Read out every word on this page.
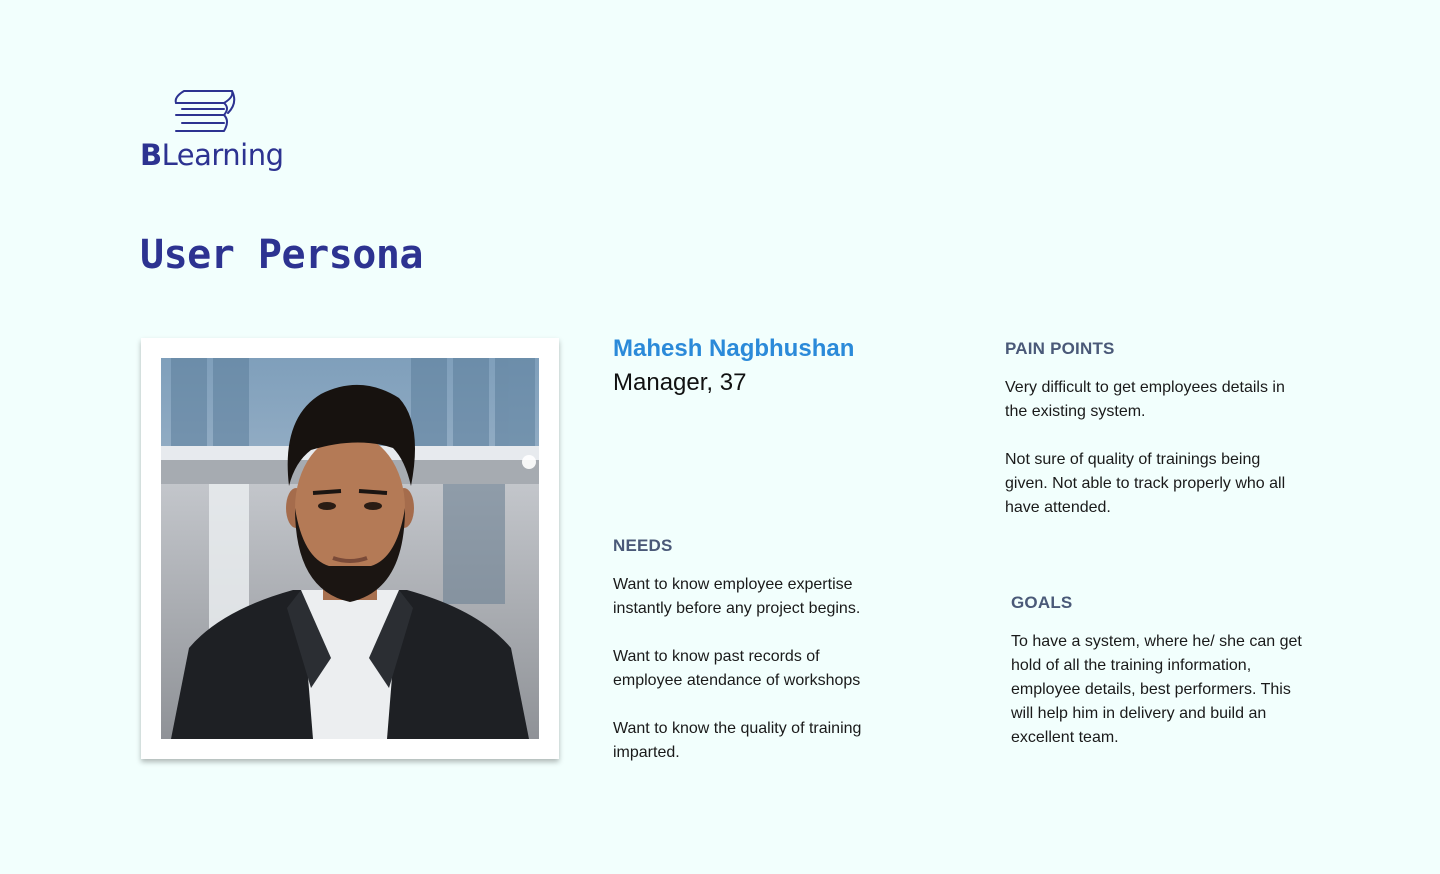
BLearning
User Persona
Mahesh Nagbhushan
Manager, 37
NEEDS

Want to know employee expertise instantly before any project begins.

Want to know past records of employee atendance of workshops

Want to know the quality of training imparted.

PAIN POINTS

Very difficult to get employees details in the existing system.

Not sure of quality of trainings being given. Not able to track properly who all have attended.

GOALS

To have a system, where he/ she can get hold of all the training information, employee details, best performers. This will help him in delivery and build an excellent team.
